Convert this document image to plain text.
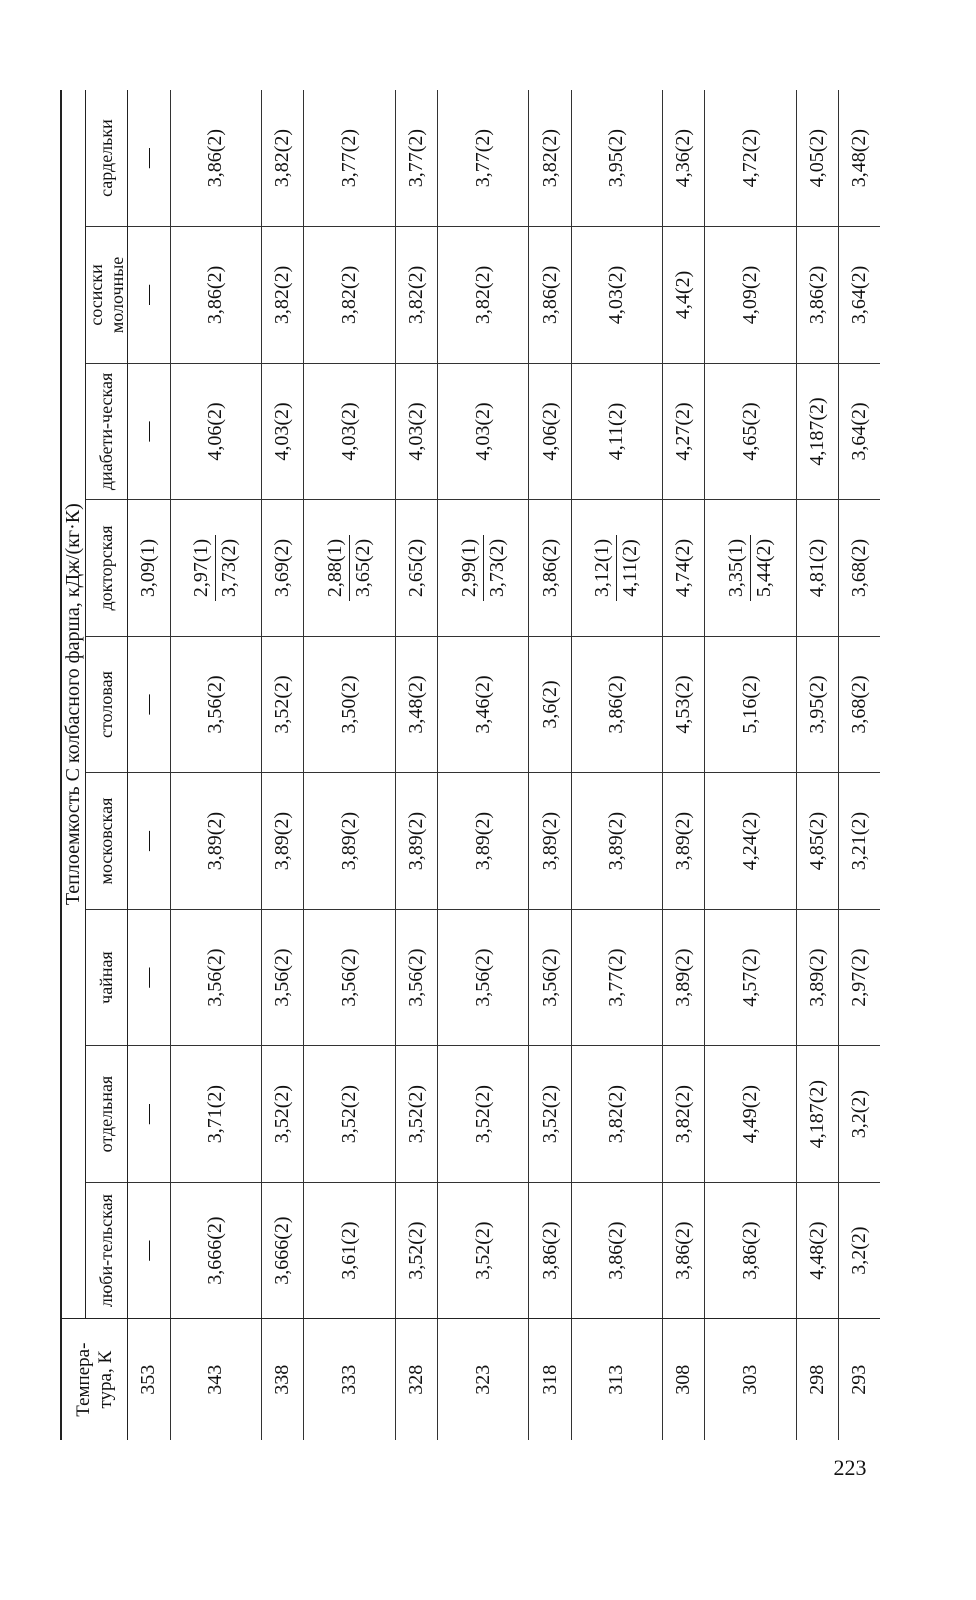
Темпера-тура, К	Теплоемкость С колбасного фарша, кДж/(кг·К)								
	люби-тельская	отдельная	чайная	московская	столовая	докторская	диабети-ческая	сосиски молочные	сардельки
353	—	—	—	—	—	3,09(1)	—	—	—
343	3,666(2)	3,71(2)	3,56(2)	3,89(2)	3,56(2)	2,97(1) 3,73(2)	4,06(2)	3,86(2)	3,86(2)
338	3,666(2)	3,52(2)	3,56(2)	3,89(2)	3,52(2)	3,69(2)	4,03(2)	3,82(2)	3,82(2)
333	3,61(2)	3,52(2)	3,56(2)	3,89(2)	3,50(2)	2,88(1) 3,65(2)	4,03(2)	3,82(2)	3,77(2)
328	3,52(2)	3,52(2)	3,56(2)	3,89(2)	3,48(2)	2,65(2)	4,03(2)	3,82(2)	3,77(2)
323	3,52(2)	3,52(2)	3,56(2)	3,89(2)	3,46(2)	2,99(1) 3,73(2)	4,03(2)	3,82(2)	3,77(2)
318	3,86(2)	3,52(2)	3,56(2)	3,89(2)	3,6(2)	3,86(2)	4,06(2)	3,86(2)	3,82(2)
313	3,86(2)	3,82(2)	3,77(2)	3,89(2)	3,86(2)	3,12(1) 4,11(2)	4,11(2)	4,03(2)	3,95(2)
308	3,86(2)	3,82(2)	3,89(2)	3,89(2)	4,53(2)	4,74(2)	4,27(2)	4,4(2)	4,36(2)
303	3,86(2)	4,49(2)	4,57(2)	4,24(2)	5,16(2)	3,35(1) 5,44(2)	4,65(2)	4,09(2)	4,72(2)
298	4,48(2)	4,187(2)	3,89(2)	4,85(2)	3,95(2)	4,81(2)	4,187(2)	3,86(2)	4,05(2)
293	3,2(2)	3,2(2)	2,97(2)	3,21(2)	3,68(2)	3,68(2)	3,64(2)	3,64(2)	3,48(2)
223
